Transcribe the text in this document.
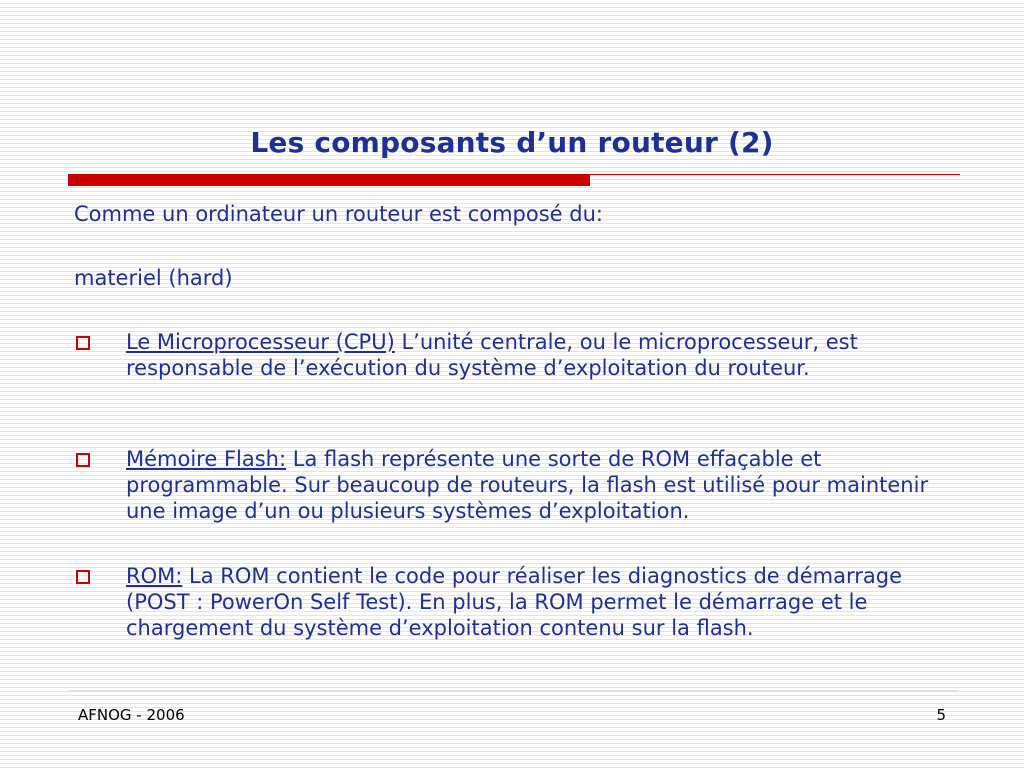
Les composants d’un routeur (2)
Comme un ordinateur un routeur est composé du:
materiel (hard)
Le Microprocesseur (CPU) L’unité centrale, ou le microprocesseur, est responsable de l’exécution du système d’exploitation du routeur.
Mémoire Flash: La flash représente une sorte de ROM effaçable et programmable. Sur beaucoup de routeurs, la flash est utilisé pour maintenir une image d’un ou plusieurs systèmes d’exploitation.
ROM: La ROM contient le code pour réaliser les diagnostics de démarrage (POST : PowerOn Self Test). En plus, la ROM permet le démarrage et le chargement du système d’exploitation contenu sur la flash.
AFNOG - 2006	5
